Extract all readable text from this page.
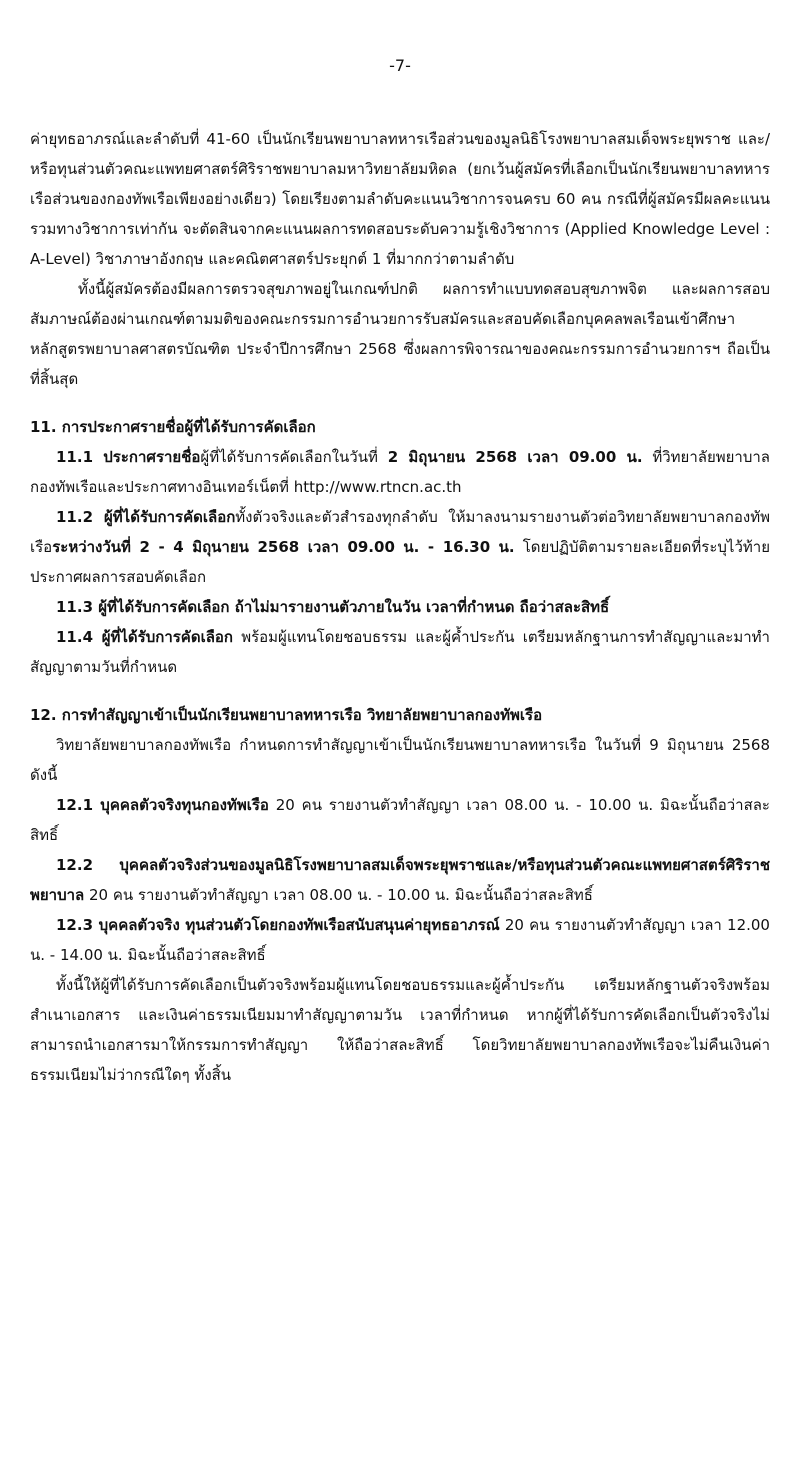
-7-

ค่ายุทธอาภรณ์และลำดับที่ 41-60 เป็นนักเรียนพยาบาลทหารเรือส่วนของมูลนิธิโรงพยาบาลสมเด็จพระยุพราช และ/หรือทุนส่วนตัวคณะแพทยศาสตร์ศิริราชพยาบาลมหาวิทยาลัยมหิดล (ยกเว้นผู้สมัครที่เลือกเป็นนักเรียนพยาบาลทหารเรือส่วนของกองทัพเรือเพียงอย่างเดียว) โดยเรียงตามลำดับคะแนนวิชาการจนครบ 60 คน กรณีที่ผู้สมัครมีผลคะแนนรวมทางวิชาการเท่ากัน จะตัดสินจากคะแนนผลการทดสอบระดับความรู้เชิงวิชาการ (Applied Knowledge Level : A-Level) วิชาภาษาอังกฤษ และคณิตศาสตร์ประยุกต์ 1 ที่มากกว่าตามลำดับ

ทั้งนี้ผู้สมัครต้องมีผลการตรวจสุขภาพอยู่ในเกณฑ์ปกติ ผลการทำแบบทดสอบสุขภาพจิต และผลการสอบสัมภาษณ์ต้องผ่านเกณฑ์ตามมติของคณะกรรมการอำนวยการรับสมัครและสอบคัดเลือกบุคคลพลเรือนเข้าศึกษาหลักสูตรพยาบาลศาสตรบัณฑิต ประจำปีการศึกษา 2568 ซึ่งผลการพิจารณาของคณะกรรมการอำนวยการฯ ถือเป็นที่สิ้นสุด

11. การประกาศรายชื่อผู้ที่ได้รับการคัดเลือก

11.1 ประกาศรายชื่อผู้ที่ได้รับการคัดเลือกในวันที่ 2 มิถุนายน 2568 เวลา 09.00 น. ที่วิทยาลัยพยาบาลกองทัพเรือและประกาศทางอินเทอร์เน็ตที่ http://www.rtncn.ac.th

11.2 ผู้ที่ได้รับการคัดเลือกทั้งตัวจริงและตัวสำรองทุกลำดับ ให้มาลงนามรายงานตัวต่อวิทยาลัยพยาบาลกองทัพเรือระหว่างวันที่ 2 - 4 มิถุนายน 2568 เวลา 09.00 น. - 16.30 น. โดยปฏิบัติตามรายละเอียดที่ระบุไว้ท้ายประกาศผลการสอบคัดเลือก

11.3 ผู้ที่ได้รับการคัดเลือก ถ้าไม่มารายงานตัวภายในวัน เวลาที่กำหนด ถือว่าสละสิทธิ์

11.4 ผู้ที่ได้รับการคัดเลือก พร้อมผู้แทนโดยชอบธรรม และผู้ค้ำประกัน เตรียมหลักฐานการทำสัญญาและมาทำสัญญาตามวันที่กำหนด

12. การทำสัญญาเข้าเป็นนักเรียนพยาบาลทหารเรือ วิทยาลัยพยาบาลกองทัพเรือ

วิทยาลัยพยาบาลกองทัพเรือ กำหนดการทำสัญญาเข้าเป็นนักเรียนพยาบาลทหารเรือ ในวันที่ 9 มิถุนายน 2568 ดังนี้

12.1 บุคคลตัวจริงทุนกองทัพเรือ 20 คน รายงานตัวทำสัญญา เวลา 08.00 น. - 10.00 น. มิฉะนั้นถือว่าสละสิทธิ์

12.2 บุคคลตัวจริงส่วนของมูลนิธิโรงพยาบาลสมเด็จพระยุพราชและ/หรือทุนส่วนตัวคณะแพทยศาสตร์ศิริราชพยาบาล 20 คน รายงานตัวทำสัญญา เวลา 08.00 น. - 10.00 น. มิฉะนั้นถือว่าสละสิทธิ์

12.3 บุคคลตัวจริง ทุนส่วนตัวโดยกองทัพเรือสนับสนุนค่ายุทธอาภรณ์ 20 คน รายงานตัวทำสัญญา เวลา 12.00 น. - 14.00 น. มิฉะนั้นถือว่าสละสิทธิ์

ทั้งนี้ให้ผู้ที่ได้รับการคัดเลือกเป็นตัวจริงพร้อมผู้แทนโดยชอบธรรมและผู้ค้ำประกัน เตรียมหลักฐานตัวจริงพร้อมสำเนาเอกสาร และเงินค่าธรรมเนียมมาทำสัญญาตามวัน เวลาที่กำหนด หากผู้ที่ได้รับการคัดเลือกเป็นตัวจริงไม่สามารถนำเอกสารมาให้กรรมการทำสัญญา ให้ถือว่าสละสิทธิ์ โดยวิทยาลัยพยาบาลกองทัพเรือจะไม่คืนเงินค่าธรรมเนียมไม่ว่ากรณีใดๆ ทั้งสิ้น
